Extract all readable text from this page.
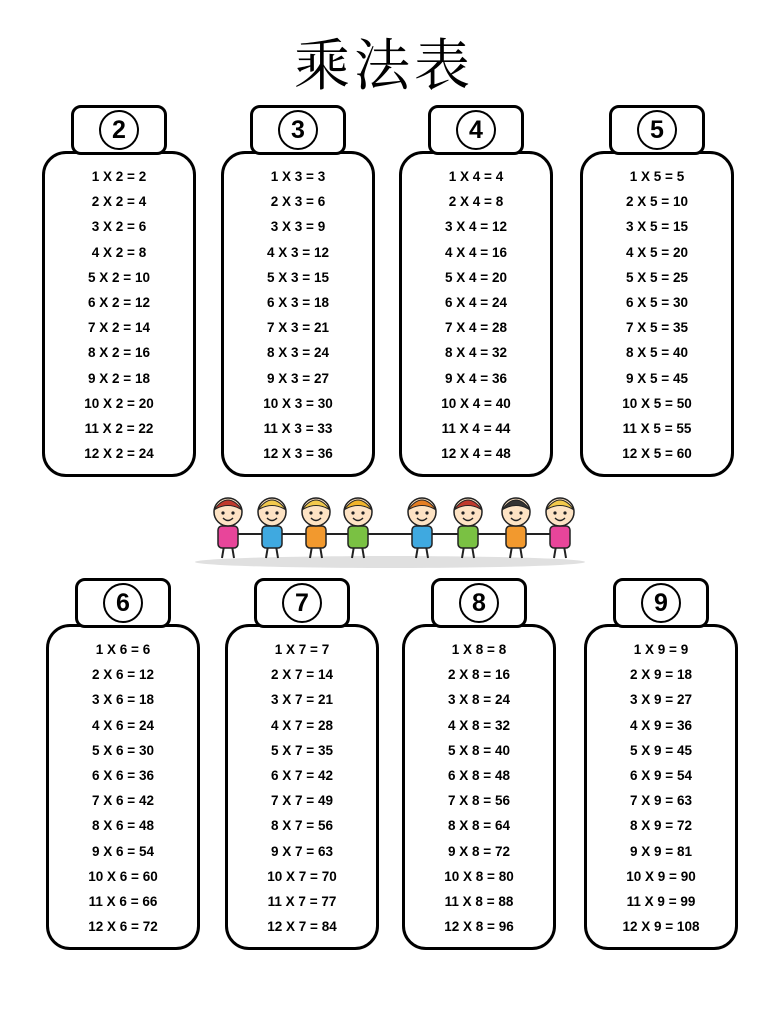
乘法表
1 X 2 = 2
2 X 2 = 4
3 X 2 = 6
4 X 2 = 8
5 X 2 = 10
6 X 2 = 12
7 X 2 = 14
8 X 2 = 16
9 X 2 = 18
10 X 2 = 20
11 X 2 = 22
12 X 2 = 24
2
1 X 3 = 3
2 X 3 = 6
3 X 3 = 9
4 X 3 = 12
5 X 3 = 15
6 X 3 = 18
7 X 3 = 21
8 X 3 = 24
9 X 3 = 27
10 X 3 = 30
11 X 3 = 33
12 X 3 = 36
3
1 X 4 = 4
2 X 4 = 8
3 X 4 = 12
4 X 4 = 16
5 X 4 = 20
6 X 4 = 24
7 X 4 = 28
8 X 4 = 32
9 X 4 = 36
10 X 4 = 40
11 X 4 = 44
12 X 4 = 48
4
1 X 5 = 5
2 X 5 = 10
3 X 5 = 15
4 X 5 = 20
5 X 5 = 25
6 X 5 = 30
7 X 5 = 35
8 X 5 = 40
9 X 5 = 45
10 X 5 = 50
11 X 5 = 55
12 X 5 = 60
5
1 X 6 = 6
2 X 6 = 12
3 X 6 = 18
4 X 6 = 24
5 X 6 = 30
6 X 6 = 36
7 X 6 = 42
8 X 6 = 48
9 X 6 = 54
10 X 6 = 60
11 X 6 = 66
12 X 6 = 72
6
1 X 7 = 7
2 X 7 = 14
3 X 7 = 21
4 X 7 = 28
5 X 7 = 35
6 X 7 = 42
7 X 7 = 49
8 X 7 = 56
9 X 7 = 63
10 X 7 = 70
11 X 7 = 77
12 X 7 = 84
7
1 X 8 = 8
2 X 8 = 16
3 X 8 = 24
4 X 8 = 32
5 X 8 = 40
6 X 8 = 48
7 X 8 = 56
8 X 8 = 64
9 X 8 = 72
10 X 8 = 80
11 X 8 = 88
12 X 8 = 96
8
1 X 9 = 9
2 X 9 = 18
3 X 9 = 27
4 X 9 = 36
5 X 9 = 45
6 X 9 = 54
7 X 9 = 63
8 X 9 = 72
9 X 9 = 81
10 X 9 = 90
11 X 9 = 99
12 X 9 = 108
9
